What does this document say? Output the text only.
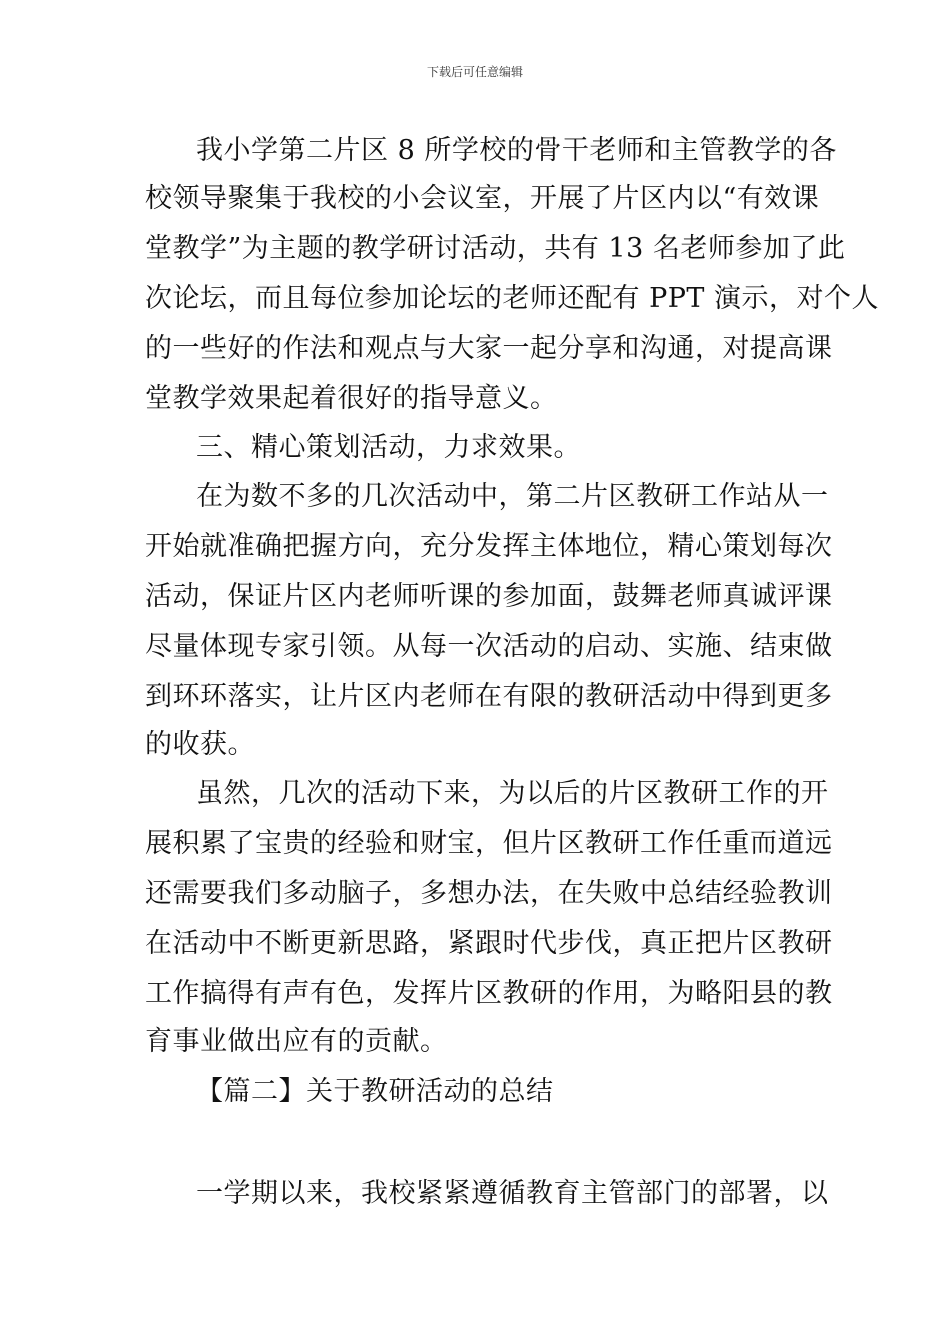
下载后可任意编辑
我小学第二片区 8 所学校的骨干老师和主管教学的各
校领导聚集于我校的小会议室，开展了片区内以“有效课
堂教学”为主题的教学研讨活动，共有 13 名老师参加了此
次论坛，而且每位参加论坛的老师还配有 PPT 演示，对个人
的一些好的作法和观点与大家一起分享和沟通，对提高课
堂教学效果起着很好的指导意义。
三、精心策划活动，力求效果。
在为数不多的几次活动中，第二片区教研工作站从一
开始就准确把握方向，充分发挥主体地位，精心策划每次
活动，保证片区内老师听课的参加面，鼓舞老师真诚评课
尽量体现专家引领。从每一次活动的启动、实施、结束做
到环环落实，让片区内老师在有限的教研活动中得到更多
的收获。
虽然，几次的活动下来，为以后的片区教研工作的开
展积累了宝贵的经验和财宝，但片区教研工作任重而道远
还需要我们多动脑子，多想办法，在失败中总结经验教训
在活动中不断更新思路，紧跟时代步伐，真正把片区教研
工作搞得有声有色，发挥片区教研的作用，为略阳县的教
育事业做出应有的贡献。
【篇二】关于教研活动的总结
一学期以来，我校紧紧遵循教育主管部门的部署，以
